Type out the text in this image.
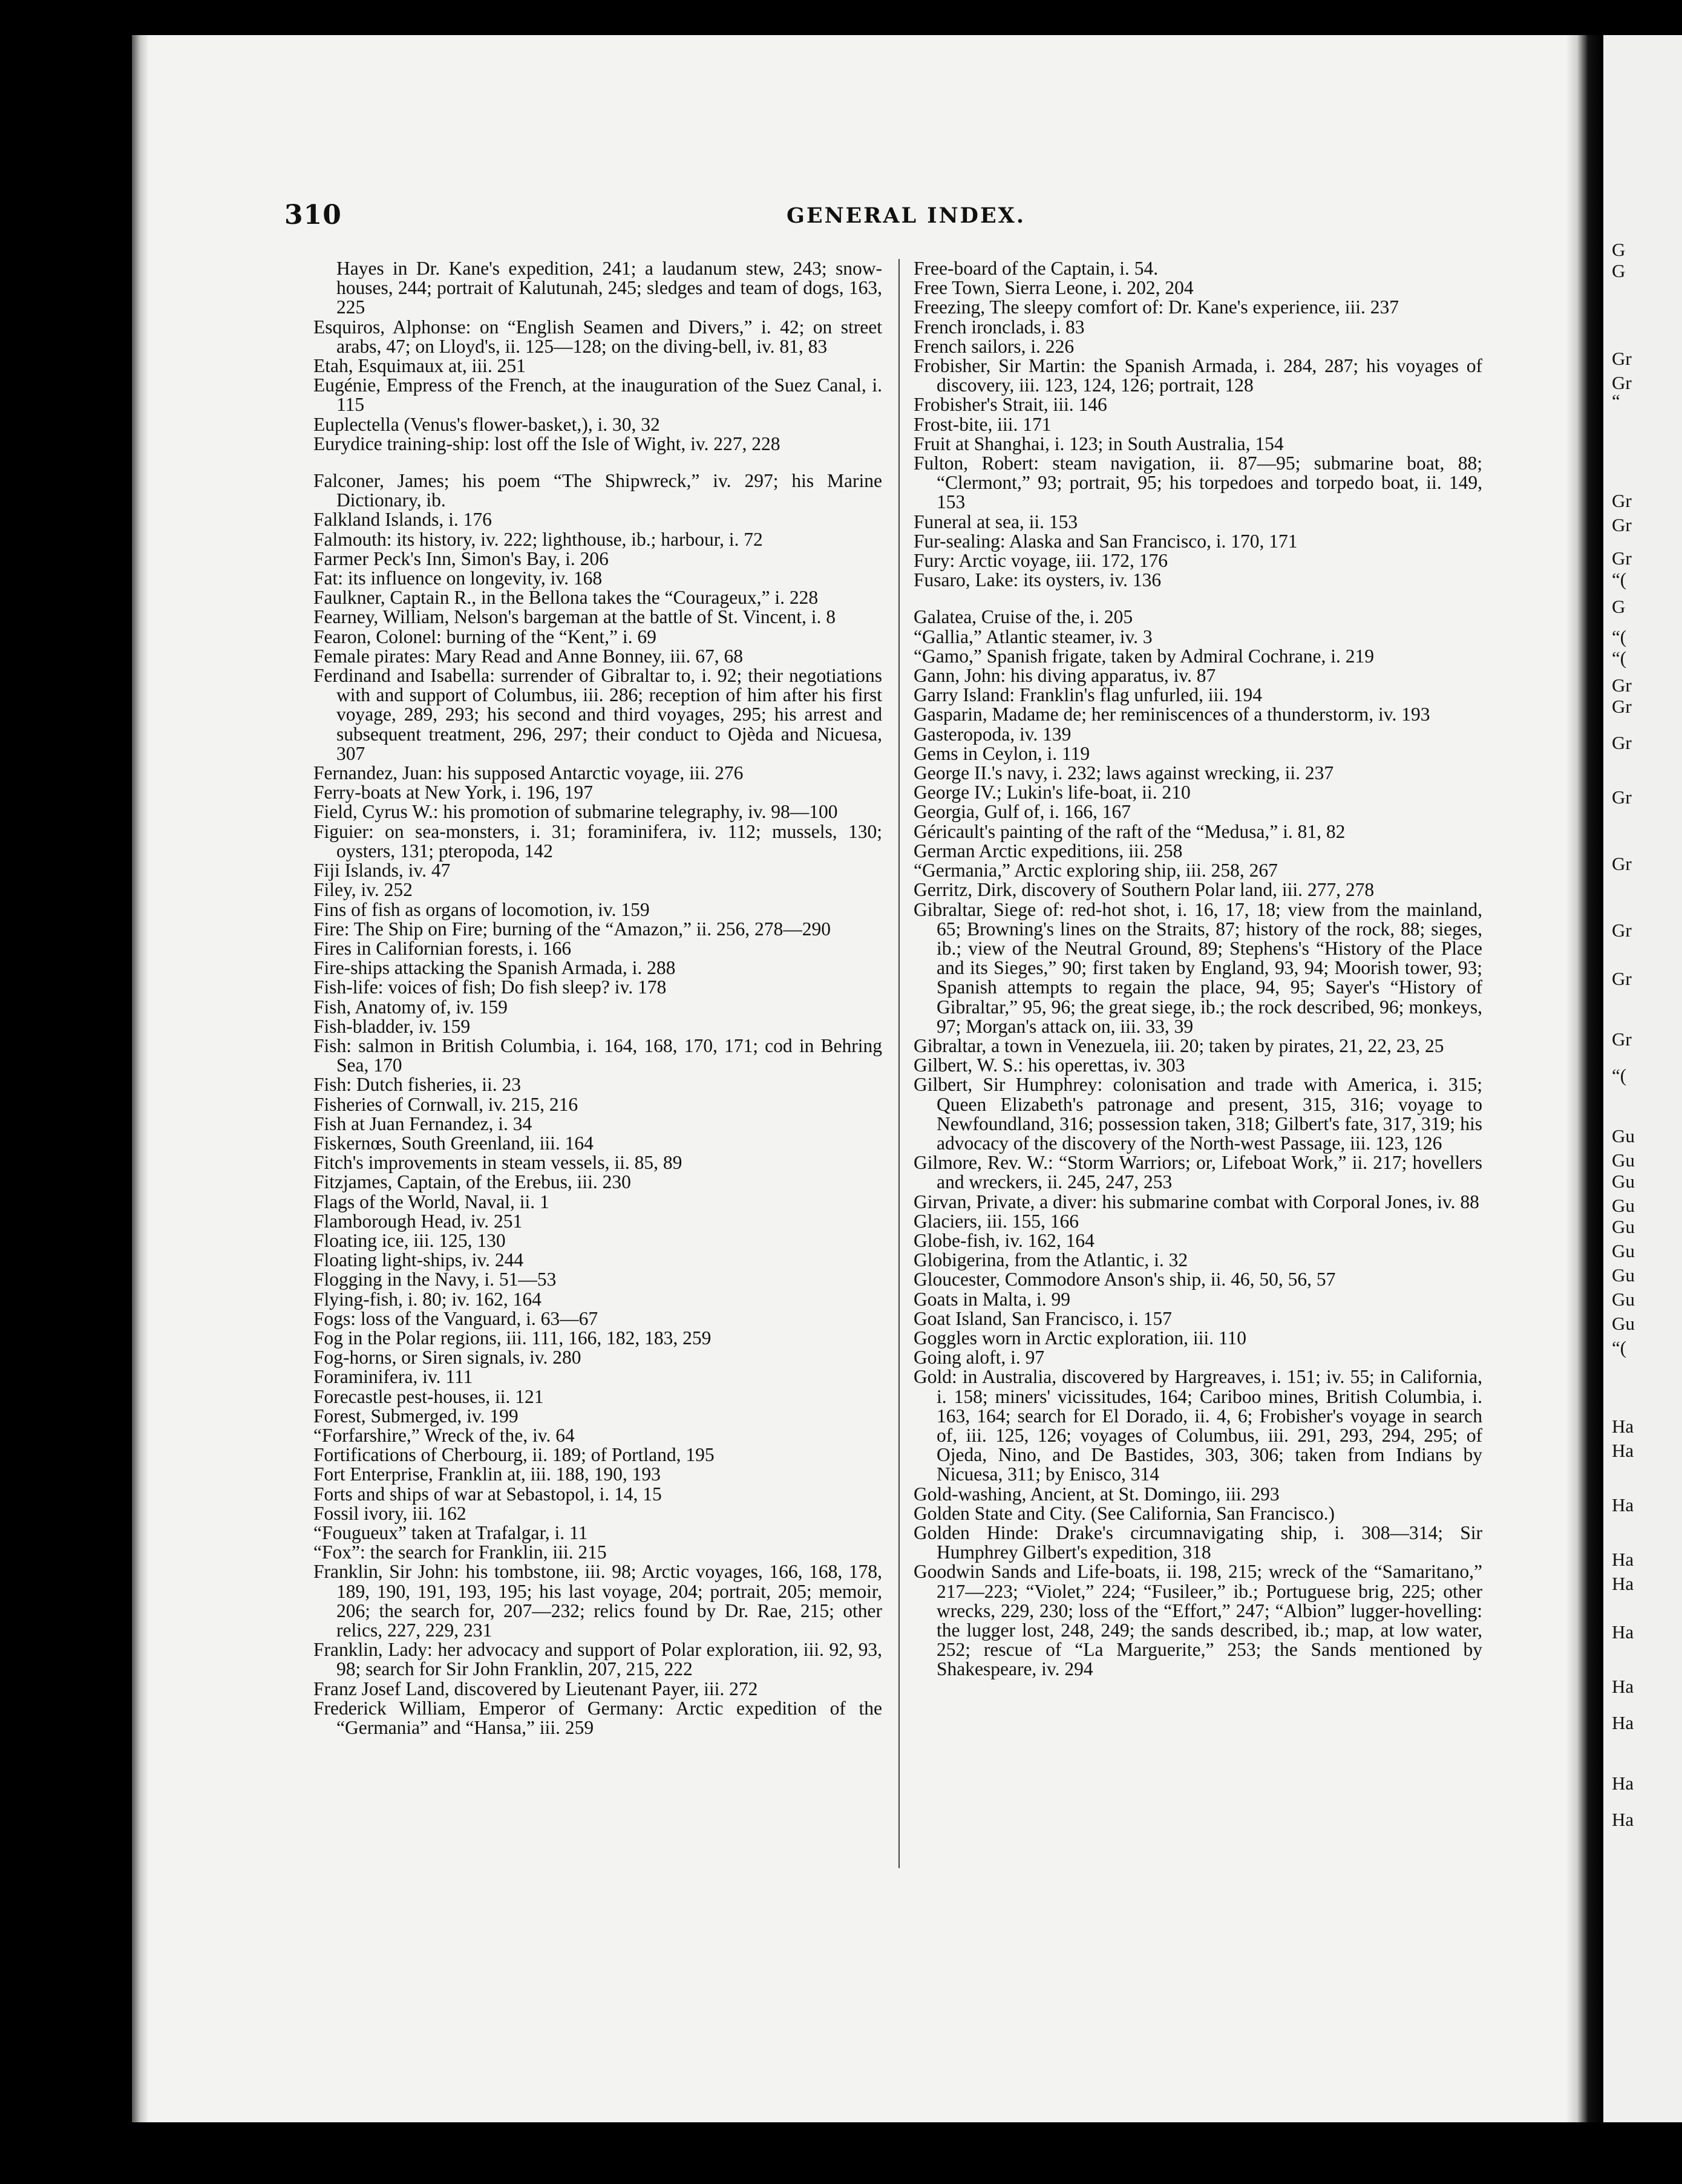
G
G
Gr
Gr
“
Gr
Gr
Gr
“(
G
“(
“(
Gr
Gr
Gr
Gr
Gr
Gr
Gr
Gr
“(
Gu
Gu
Gu
Gu
Gu
Gu
Gu
Gu
Gu
“(
Ha
Ha
Ha
Ha
Ha
Ha
Ha
Ha
Ha
Ha
310	GENERAL INDEX.
Hayes in Dr. Kane's expedition, 241; a laudanum stew, 243; snow-houses, 244; portrait of Kalutunah, 245; sledges and team of dogs, 163, 225
Esquiros, Alphonse: on “English Seamen and Divers,” i. 42; on street arabs, 47; on Lloyd's, ii. 125—128; on the diving-bell, iv. 81, 83
Etah, Esquimaux at, iii. 251
Eugénie, Empress of the French, at the inauguration of the Suez Canal, i. 115
Euplectella (Venus's flower-basket,), i. 30, 32
Eurydice training-ship: lost off the Isle of Wight, iv. 227, 228
Falconer, James; his poem “The Shipwreck,” iv. 297; his Marine Dictionary, ib.
Falkland Islands, i. 176
Falmouth: its history, iv. 222; lighthouse, ib.; harbour, i. 72
Farmer Peck's Inn, Simon's Bay, i. 206
Fat: its influence on longevity, iv. 168
Faulkner, Captain R., in the Bellona takes the “Courageux,” i. 228
Fearney, William, Nelson's bargeman at the battle of St. Vincent, i. 8
Fearon, Colonel: burning of the “Kent,” i. 69
Female pirates: Mary Read and Anne Bonney, iii. 67, 68
Ferdinand and Isabella: surrender of Gibraltar to, i. 92; their negotiations with and support of Columbus, iii. 286; reception of him after his first voyage, 289, 293; his second and third voyages, 295; his arrest and subsequent treatment, 296, 297; their conduct to Ojèda and Nicuesa, 307
Fernandez, Juan: his supposed Antarctic voyage, iii. 276
Ferry-boats at New York, i. 196, 197
Field, Cyrus W.: his promotion of submarine telegraphy, iv. 98—100
Figuier: on sea-monsters, i. 31; foraminifera, iv. 112; mussels, 130; oysters, 131; pteropoda, 142
Fiji Islands, iv. 47
Filey, iv. 252
Fins of fish as organs of locomotion, iv. 159
Fire: The Ship on Fire; burning of the “Amazon,” ii. 256, 278—290
Fires in Californian forests, i. 166
Fire-ships attacking the Spanish Armada, i. 288
Fish-life: voices of fish; Do fish sleep? iv. 178
Fish, Anatomy of, iv. 159
Fish-bladder, iv. 159
Fish: salmon in British Columbia, i. 164, 168, 170, 171; cod in Behring Sea, 170
Fish: Dutch fisheries, ii. 23
Fisheries of Cornwall, iv. 215, 216
Fish at Juan Fernandez, i. 34
Fiskernœs, South Greenland, iii. 164
Fitch's improvements in steam vessels, ii. 85, 89
Fitzjames, Captain, of the Erebus, iii. 230
Flags of the World, Naval, ii. 1
Flamborough Head, iv. 251
Floating ice, iii. 125, 130
Floating light-ships, iv. 244
Flogging in the Navy, i. 51—53
Flying-fish, i. 80; iv. 162, 164
Fogs: loss of the Vanguard, i. 63—67
Fog in the Polar regions, iii. 111, 166, 182, 183, 259
Fog-horns, or Siren signals, iv. 280
Foraminifera, iv. 111
Forecastle pest-houses, ii. 121
Forest, Submerged, iv. 199
“Forfarshire,” Wreck of the, iv. 64
Fortifications of Cherbourg, ii. 189; of Portland, 195
Fort Enterprise, Franklin at, iii. 188, 190, 193
Forts and ships of war at Sebastopol, i. 14, 15
Fossil ivory, iii. 162
“Fougueux” taken at Trafalgar, i. 11
“Fox”: the search for Franklin, iii. 215
Franklin, Sir John: his tombstone, iii. 98; Arctic voyages, 166, 168, 178, 189, 190, 191, 193, 195; his last voyage, 204; portrait, 205; memoir, 206; the search for, 207—232; relics found by Dr. Rae, 215; other relics, 227, 229, 231
Franklin, Lady: her advocacy and support of Polar exploration, iii. 92, 93, 98; search for Sir John Franklin, 207, 215, 222
Franz Josef Land, discovered by Lieutenant Payer, iii. 272
Frederick William, Emperor of Germany: Arctic expedition of the “Germania” and “Hansa,” iii. 259
Free-board of the Captain, i. 54.
Free Town, Sierra Leone, i. 202, 204
Freezing, The sleepy comfort of: Dr. Kane's experience, iii. 237
French ironclads, i. 83
French sailors, i. 226
Frobisher, Sir Martin: the Spanish Armada, i. 284, 287; his voyages of discovery, iii. 123, 124, 126; portrait, 128
Frobisher's Strait, iii. 146
Frost-bite, iii. 171
Fruit at Shanghai, i. 123; in South Australia, 154
Fulton, Robert: steam navigation, ii. 87—95; submarine boat, 88; “Clermont,” 93; portrait, 95; his torpedoes and torpedo boat, ii. 149, 153
Funeral at sea, ii. 153
Fur-sealing: Alaska and San Francisco, i. 170, 171
Fury: Arctic voyage, iii. 172, 176
Fusaro, Lake: its oysters, iv. 136
Galatea, Cruise of the, i. 205
“Gallia,” Atlantic steamer, iv. 3
“Gamo,” Spanish frigate, taken by Admiral Cochrane, i. 219
Gann, John: his diving apparatus, iv. 87
Garry Island: Franklin's flag unfurled, iii. 194
Gasparin, Madame de; her reminiscences of a thunderstorm, iv. 193
Gasteropoda, iv. 139
Gems in Ceylon, i. 119
George II.'s navy, i. 232; laws against wrecking, ii. 237
George IV.; Lukin's life-boat, ii. 210
Georgia, Gulf of, i. 166, 167
Géricault's painting of the raft of the “Medusa,” i. 81, 82
German Arctic expeditions, iii. 258
“Germania,” Arctic exploring ship, iii. 258, 267
Gerritz, Dirk, discovery of Southern Polar land, iii. 277, 278
Gibraltar, Siege of: red-hot shot, i. 16, 17, 18; view from the mainland, 65; Browning's lines on the Straits, 87; history of the rock, 88; sieges, ib.; view of the Neutral Ground, 89; Stephens's “History of the Place and its Sieges,” 90; first taken by England, 93, 94; Moorish tower, 93; Spanish attempts to regain the place, 94, 95; Sayer's “History of Gibraltar,” 95, 96; the great siege, ib.; the rock described, 96; monkeys, 97; Morgan's attack on, iii. 33, 39
Gibraltar, a town in Venezuela, iii. 20; taken by pirates, 21, 22, 23, 25
Gilbert, W. S.: his operettas, iv. 303
Gilbert, Sir Humphrey: colonisation and trade with America, i. 315; Queen Elizabeth's patronage and present, 315, 316; voyage to Newfoundland, 316; possession taken, 318; Gilbert's fate, 317, 319; his advocacy of the discovery of the North-west Passage, iii. 123, 126
Gilmore, Rev. W.: “Storm Warriors; or, Lifeboat Work,” ii. 217; hovellers and wreckers, ii. 245, 247, 253
Girvan, Private, a diver: his submarine combat with Corporal Jones, iv. 88
Glaciers, iii. 155, 166
Globe-fish, iv. 162, 164
Globigerina, from the Atlantic, i. 32
Gloucester, Commodore Anson's ship, ii. 46, 50, 56, 57
Goats in Malta, i. 99
Goat Island, San Francisco, i. 157
Goggles worn in Arctic exploration, iii. 110
Going aloft, i. 97
Gold: in Australia, discovered by Hargreaves, i. 151; iv. 55; in California, i. 158; miners' vicissitudes, 164; Cariboo mines, British Columbia, i. 163, 164; search for El Dorado, ii. 4, 6; Frobisher's voyage in search of, iii. 125, 126; voyages of Columbus, iii. 291, 293, 294, 295; of Ojeda, Nino, and De Bastides, 303, 306; taken from Indians by Nicuesa, 311; by Enisco, 314
Gold-washing, Ancient, at St. Domingo, iii. 293
Golden State and City. (See California, San Francisco.)
Golden Hinde: Drake's circumnavigating ship, i. 308—314; Sir Humphrey Gilbert's expedition, 318
Goodwin Sands and Life-boats, ii. 198, 215; wreck of the “Samaritano,” 217—223; “Violet,” 224; “Fusileer,” ib.; Portuguese brig, 225; other wrecks, 229, 230; loss of the “Effort,” 247; “Albion” lugger-hovelling: the lugger lost, 248, 249; the sands described, ib.; map, at low water, 252; rescue of “La Marguerite,” 253; the Sands mentioned by Shakespeare, iv. 294
